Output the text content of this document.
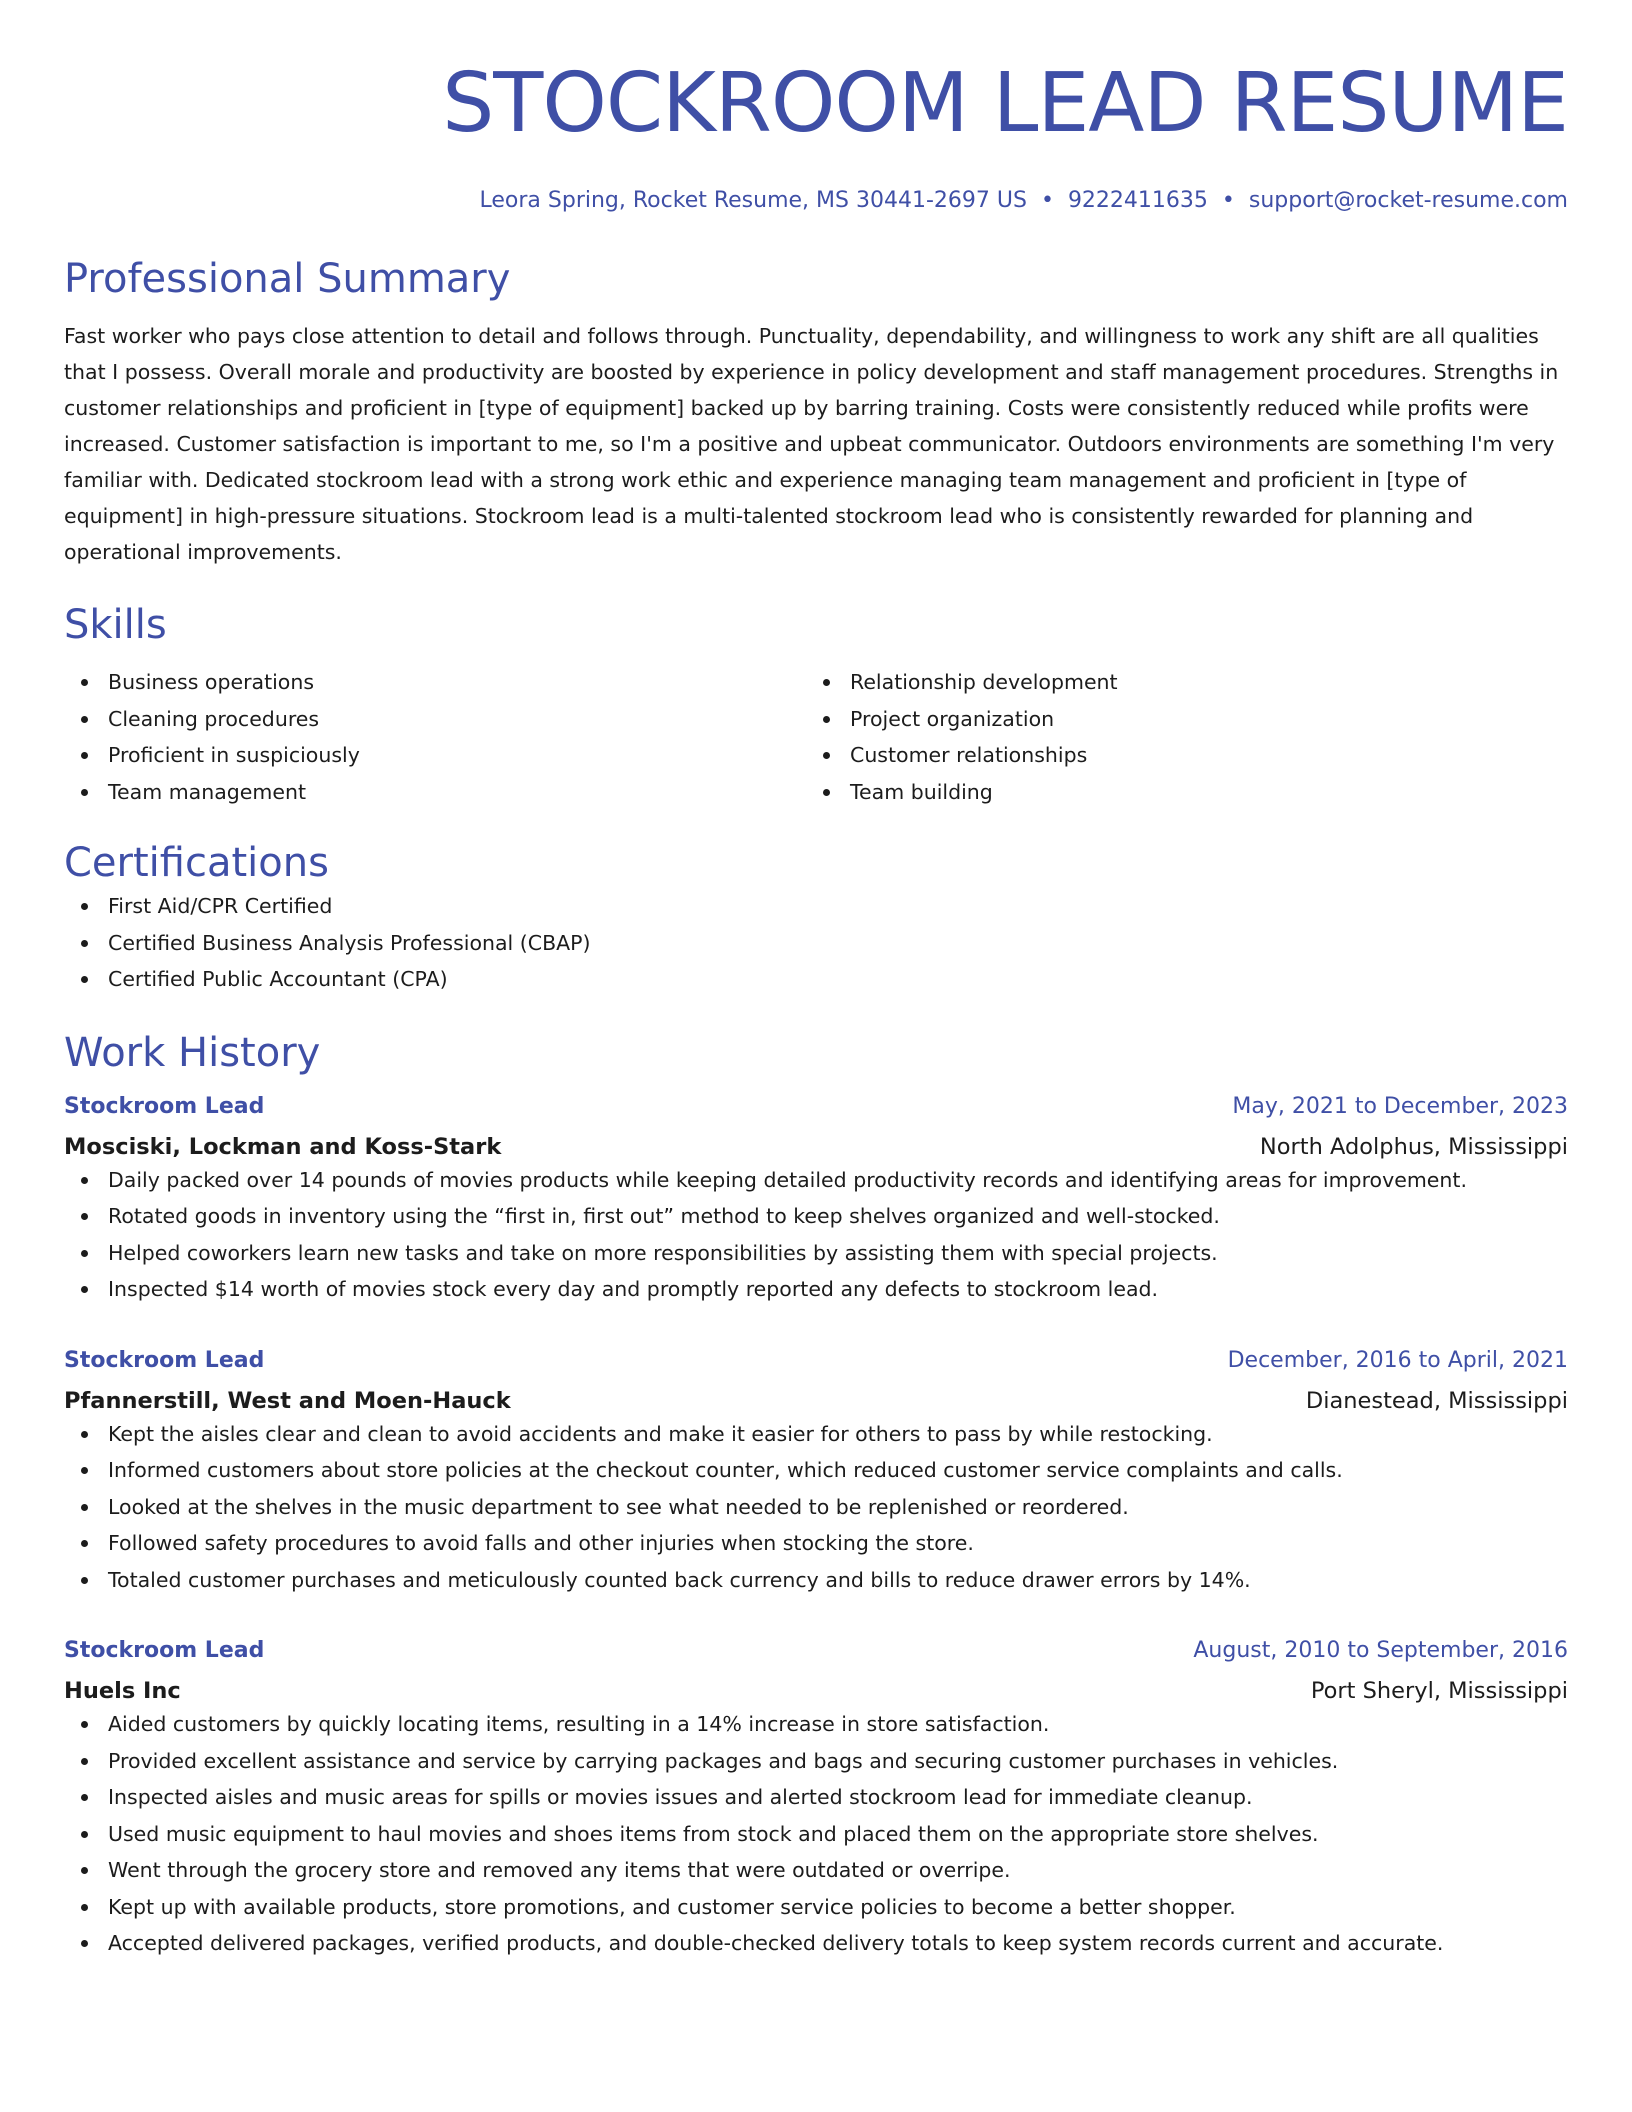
STOCKROOM LEAD RESUME
Leora Spring, Rocket Resume, MS 30441-2697 US • 9222411635 • support@rocket-resume.com
Professional Summary

Fast worker who pays close attention to detail and follows through. Punctuality, dependability, and willingness to work any shift are all qualities that I possess. Overall morale and productivity are boosted by experience in policy development and staff management procedures. Strengths in customer relationships and proficient in [type of equipment] backed up by barring training. Costs were consistently reduced while profits were increased. Customer satisfaction is important to me, so I'm a positive and upbeat communicator. Outdoors environments are something I'm very familiar with. Dedicated stockroom lead with a strong work ethic and experience managing team management and proficient in [type of equipment] in high-pressure situations. Stockroom lead is a multi-talented stockroom lead who is consistently rewarded for planning and operational improvements.

Skills
Business operations
Cleaning procedures
Proficient in suspiciously
Team management
Relationship development
Project organization
Customer relationships
Team building
Certifications
First Aid/CPR Certified
Certified Business Analysis Professional (CBAP)
Certified Public Accountant (CPA)
Work History
Stockroom Lead	May, 2021 to December, 2023
Mosciski, Lockman and Koss-Stark	North Adolphus, Mississippi
Daily packed over 14 pounds of movies products while keeping detailed productivity records and identifying areas for improvement.
Rotated goods in inventory using the “first in, first out” method to keep shelves organized and well-stocked.
Helped coworkers learn new tasks and take on more responsibilities by assisting them with special projects.
Inspected $14 worth of movies stock every day and promptly reported any defects to stockroom lead.
Stockroom Lead	December, 2016 to April, 2021
Pfannerstill, West and Moen-Hauck	Dianestead, Mississippi
Kept the aisles clear and clean to avoid accidents and make it easier for others to pass by while restocking.
Informed customers about store policies at the checkout counter, which reduced customer service complaints and calls.
Looked at the shelves in the music department to see what needed to be replenished or reordered.
Followed safety procedures to avoid falls and other injuries when stocking the store.
Totaled customer purchases and meticulously counted back currency and bills to reduce drawer errors by 14%.
Stockroom Lead	August, 2010 to September, 2016
Huels Inc	Port Sheryl, Mississippi
Aided customers by quickly locating items, resulting in a 14% increase in store satisfaction.
Provided excellent assistance and service by carrying packages and bags and securing customer purchases in vehicles.
Inspected aisles and music areas for spills or movies issues and alerted stockroom lead for immediate cleanup.
Used music equipment to haul movies and shoes items from stock and placed them on the appropriate store shelves.
Went through the grocery store and removed any items that were outdated or overripe.
Kept up with available products, store promotions, and customer service policies to become a better shopper.
Accepted delivered packages, verified products, and double-checked delivery totals to keep system records current and accurate.
